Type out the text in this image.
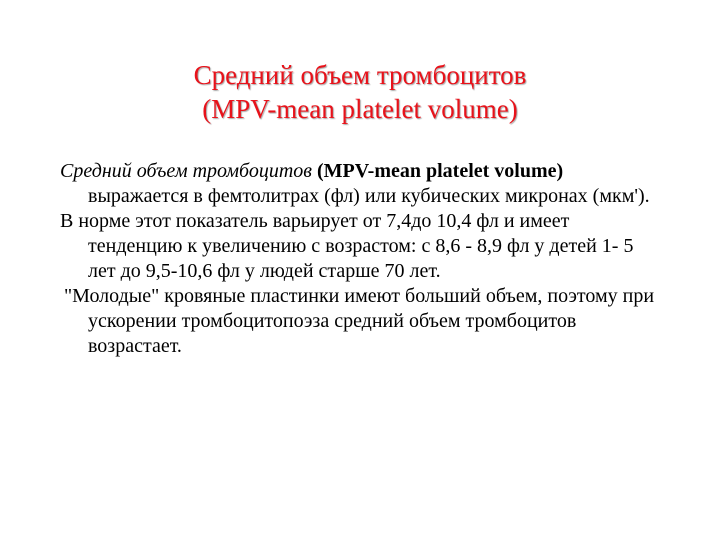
Средний объем тромбоцитов
(MPV-mean platelet volume)

Средний объем тромбоцитов (MPV-mean platelet volume) выражается в фемтолитрах (фл) или кубических микронах (мкм').

В норме этот показатель варьирует от 7,4до 10,4 фл и имеет тенденцию к увеличению с возрастом: с 8,6 - 8,9 фл у детей 1- 5 лет до 9,5-10,6 фл у людей старше 70 лет.

"Молодые" кровяные пластинки имеют больший объем, поэтому при ускорении тромбоцитопоэза средний объем тромбоцитов возрастает.
